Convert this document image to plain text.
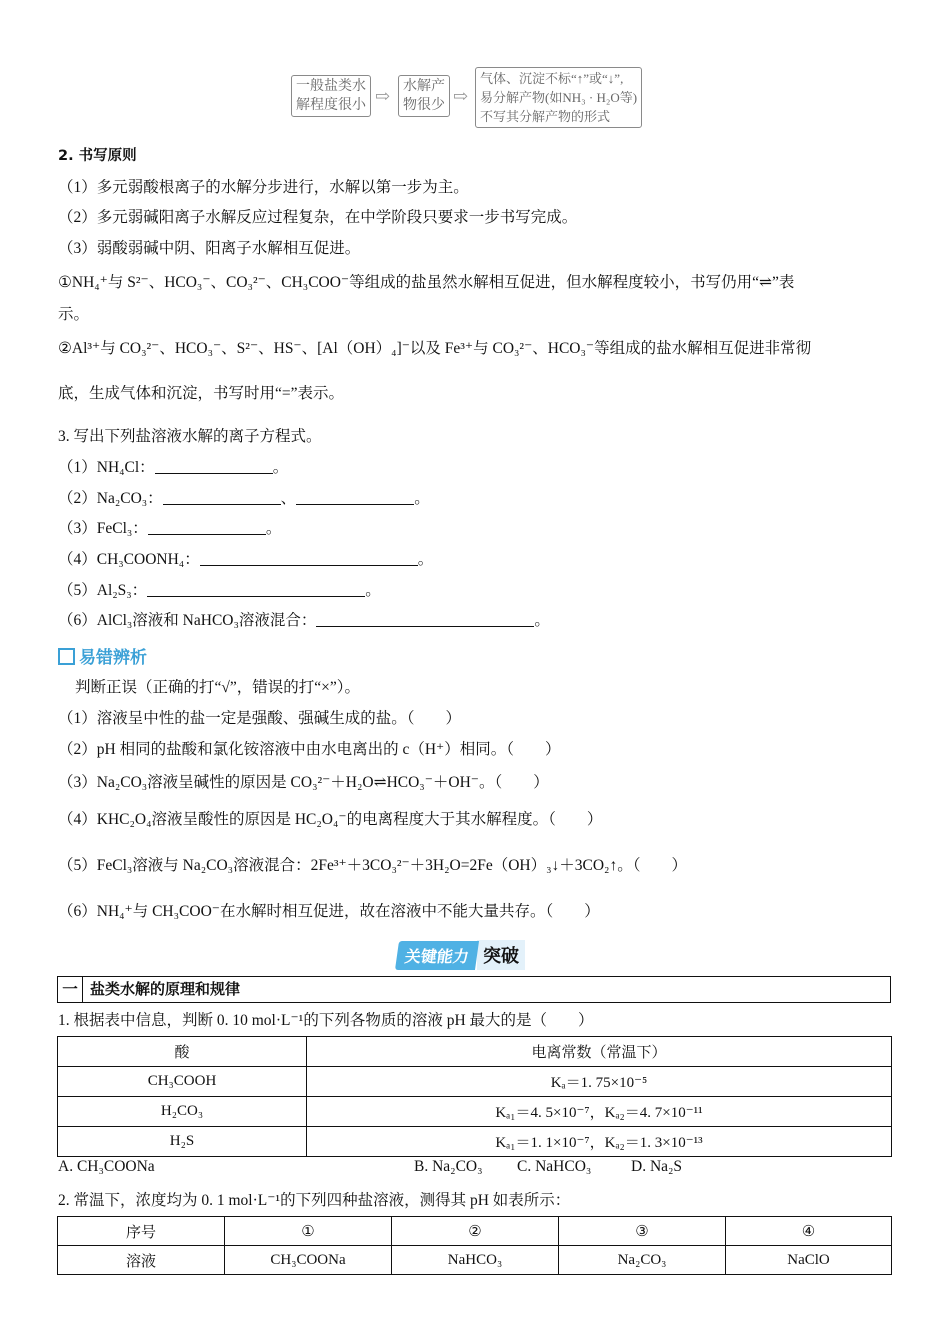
一般盐类水
解程度很小 ⇨ 水解产
物很少 ⇨
气体、沉淀不标“↑”或“↓”,
易分解产物(如NH₃ · H₂O等)
不写其分解产物的形式
2. 书写原则
（1）多元弱酸根离子的水解分步进行，水解以第一步为主。
（2）多元弱碱阳离子水解反应过程复杂，在中学阶段只要求一步书写完成。
（3）弱酸弱碱中阴、阳离子水解相互促进。
①NH₄⁺与 S²⁻、HCO₃⁻、CO₃²⁻、CH₃COO⁻等组成的盐虽然水解相互促进，但水解程度较小，书写仍用“⇌”表
示。
②Al³⁺与 CO₃²⁻、HCO₃⁻、S²⁻、HS⁻、[Al（OH）₄]⁻以及 Fe³⁺与 CO₃²⁻、HCO₃⁻等组成的盐水解相互促进非常彻
底，生成气体和沉淀，书写时用“=”表示。
3. 写出下列盐溶液水解的离子方程式。
（1）NH₄Cl：	。
（2）Na₂CO₃：	、	。
（3）FeCl₃：	。
（4）CH₃COONH₄：	。
（5）Al₂S₃：	。
（6）AlCl₃溶液和 NaHCO₃溶液混合：	。
易错辨析
判断正误（正确的打“√”，错误的打“×”）。
（1）溶液呈中性的盐一定是强酸、强碱生成的盐。（　　）
（2）pH 相同的盐酸和氯化铵溶液中由水电离出的 c（H⁺）相同。（　　）
（3）Na₂CO₃溶液呈碱性的原因是 CO₃²⁻＋H₂O⇌HCO₃⁻＋OH⁻。（　　）
（4）KHC₂O₄溶液呈酸性的原因是 HC₂O₄⁻的电离程度大于其水解程度。（　　）
（5）FeCl₃溶液与 Na₂CO₃溶液混合：2Fe³⁺＋3CO₃²⁻＋3H₂O=2Fe（OH）₃↓＋3CO₂↑。（　　）
（6）NH₄⁺与 CH₃COO⁻在水解时相互促进，故在溶液中不能大量共存。（　　）
关键能力 突破
一 盐类水解的原理和规律
1. 根据表中信息，判断 0. 10 mol·L⁻¹的下列各物质的溶液 pH 最大的是（　　）
酸	电离常数（常温下）
CH₃COOH	Kₐ＝1. 75×10⁻⁵
H₂CO₃	Kₐ₁＝4. 5×10⁻⁷，Kₐ₂＝4. 7×10⁻¹¹
H₂S	Kₐ₁＝1. 1×10⁻⁷，Kₐ₂＝1. 3×10⁻¹³
A. CH₃COONa	B. Na₂CO₃ C. NaHCO₃	D. Na₂S
2. 常温下，浓度均为 0. 1 mol·L⁻¹的下列四种盐溶液，测得其 pH 如表所示：
序号	①	②	③	④
溶液	CH₃COONa	NaHCO₃	Na₂CO₃	NaClO
